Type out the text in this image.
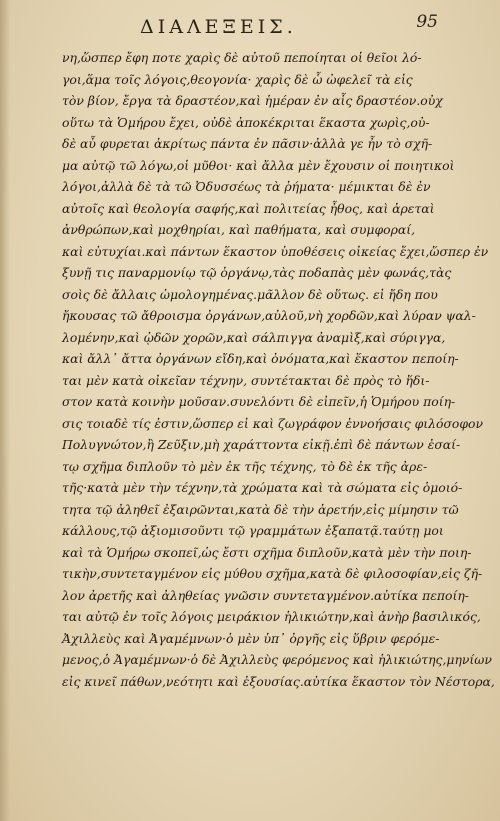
ΔΙΑΛΕΞΕΙΣ.	95
νη,ὥσπερ ἔφη ποτε χαρὶς δὲ αὐτοῦ πεποίηται οἱ θεῖοι λό-
γοι,ἅμα τοῖς λόγοις,θεογονία· χαρὶς δὲ ὧ ὠφελεῖ τὰ εἰς
τὸν βίον, ἔργα τὰ δραστέον,καὶ ἡμέραν ἐν αἷς δραστέον.οὐχ
οὕτω τὰ Ὁμήρου ἔχει, οὐδὲ ἀποκέκριται ἕκαστα χωρὶς,οὐ-
δὲ αὖ φυρεται ἀκρίτως πάντα ἐν πᾶσιν·ἀλλὰ γε ἦν τὸ σχῆ-
μα αὐτῷ τῶ λόγω,οἱ μῦθοι· καὶ ἄλλα μὲν ἔχουσιν οἱ ποιητικοὶ
λόγοι,ἀλλὰ δὲ τὰ τῶ Ὀδυσσέως τὰ ῥήματα· μέμικται δὲ ἐν
αὐτοῖς καὶ θεολογία σαφής,καὶ πολιτείας ἦθος, καὶ ἀρεταὶ
ἀνθρώπων,καὶ μοχθηρίαι, καὶ παθήματα, καὶ συμφοραί,
καὶ εὐτυχίαι.καὶ πάντων ἕκαστον ὑποθέσεις οἰκείας ἔχει,ὥσπερ ἐν
ξυνῇ τις παναρμονίῳ τῷ ὀργάνῳ,τὰς ποδαπὰς μὲν φωνάς,τὰς
σοὶς δὲ ἄλλαις ὡμολογημένας.μᾶλλον δὲ οὕτως. εἰ ἤδη που
ἤκουσας τῶ ἄθροισμα ὀργάνων,αὐλοῦ,νὴ χορδῶν,καὶ λύραν ψαλ-
λομένην,καὶ ᾠδῶν χορῶν,καὶ σάλπιγγα ἀναμὶξ,καὶ σύριγγα,
καὶ ἄλλ᾽ ἄττα ὀργάνων εἴδη,καὶ ὀνόματα,καὶ ἕκαστον πεποίη-
ται μὲν κατὰ οἰκεῖαν τέχνην, συντέτακται δὲ πρὸς τὸ ἥδι-
στον κατὰ κοινὴν μοῦσαν.συνελόντι δὲ εἰπεῖν,ἡ Ὁμήρου ποίη-
σις τοιαδὲ τίς ἐστιν,ὥσπερ εἰ καὶ ζωγράφον ἐννοήσαις φιλόσοφον
Πολυγνώτον,ἢ Ζεῦξιν,μὴ χαράττοντα εἰκῇ.ἐπὶ δὲ πάντων ἐσαί-
τῳ σχῆμα διπλοῦν τὸ μὲν ἐκ τῆς τέχνης, τὸ δὲ ἐκ τῆς ἀρε-
τῆς·κατὰ μὲν τὴν τέχνην,τὰ χρώματα καὶ τὰ σώματα εἰς ὁμοιό-
τητα τῷ ἀληθεῖ ἐξαιρῶνται,κατὰ δὲ τὴν ἀρετήν,εἰς μίμησιν τῶ
κάλλους,τῷ ἀξιομισοῦντι τῷ γραμμάτων ἐξαπατᾷ.ταύτῃ μοι
καὶ τὰ Ὁμήρω σκοπεῖ,ὡς ἔστι σχῆμα διπλοῦν,κατὰ μὲν τὴν ποιη-
τικὴν,συντεταγμένον εἰς μύθου σχῆμα,κατὰ δὲ φιλοσοφίαν,εἰς ζῆ-
λον ἀρετῆς καὶ ἀληθείας γνῶσιν συντεταγμένον.αὐτίκα πεποίη-
ται αὐτῷ ἐν τοῖς λόγοις μειράκιον ἡλικιώτην,καὶ ἀνὴρ βασιλικός,
Ἀχιλλεὺς καὶ Ἀγαμέμνων·ὁ μὲν ὑπ᾽ ὀργῆς εἰς ὕβριν φερόμε-
μενος,ὁ Ἀγαμέμνων·ὁ δὲ Ἀχιλλεὺς φερόμενος καὶ ἡλικιώτης,μηνίων
εἰς κινεῖ πάθων,νεότητι καὶ ἐξουσίας.αὐτίκα ἕκαστον τὸν Νέστορα,
